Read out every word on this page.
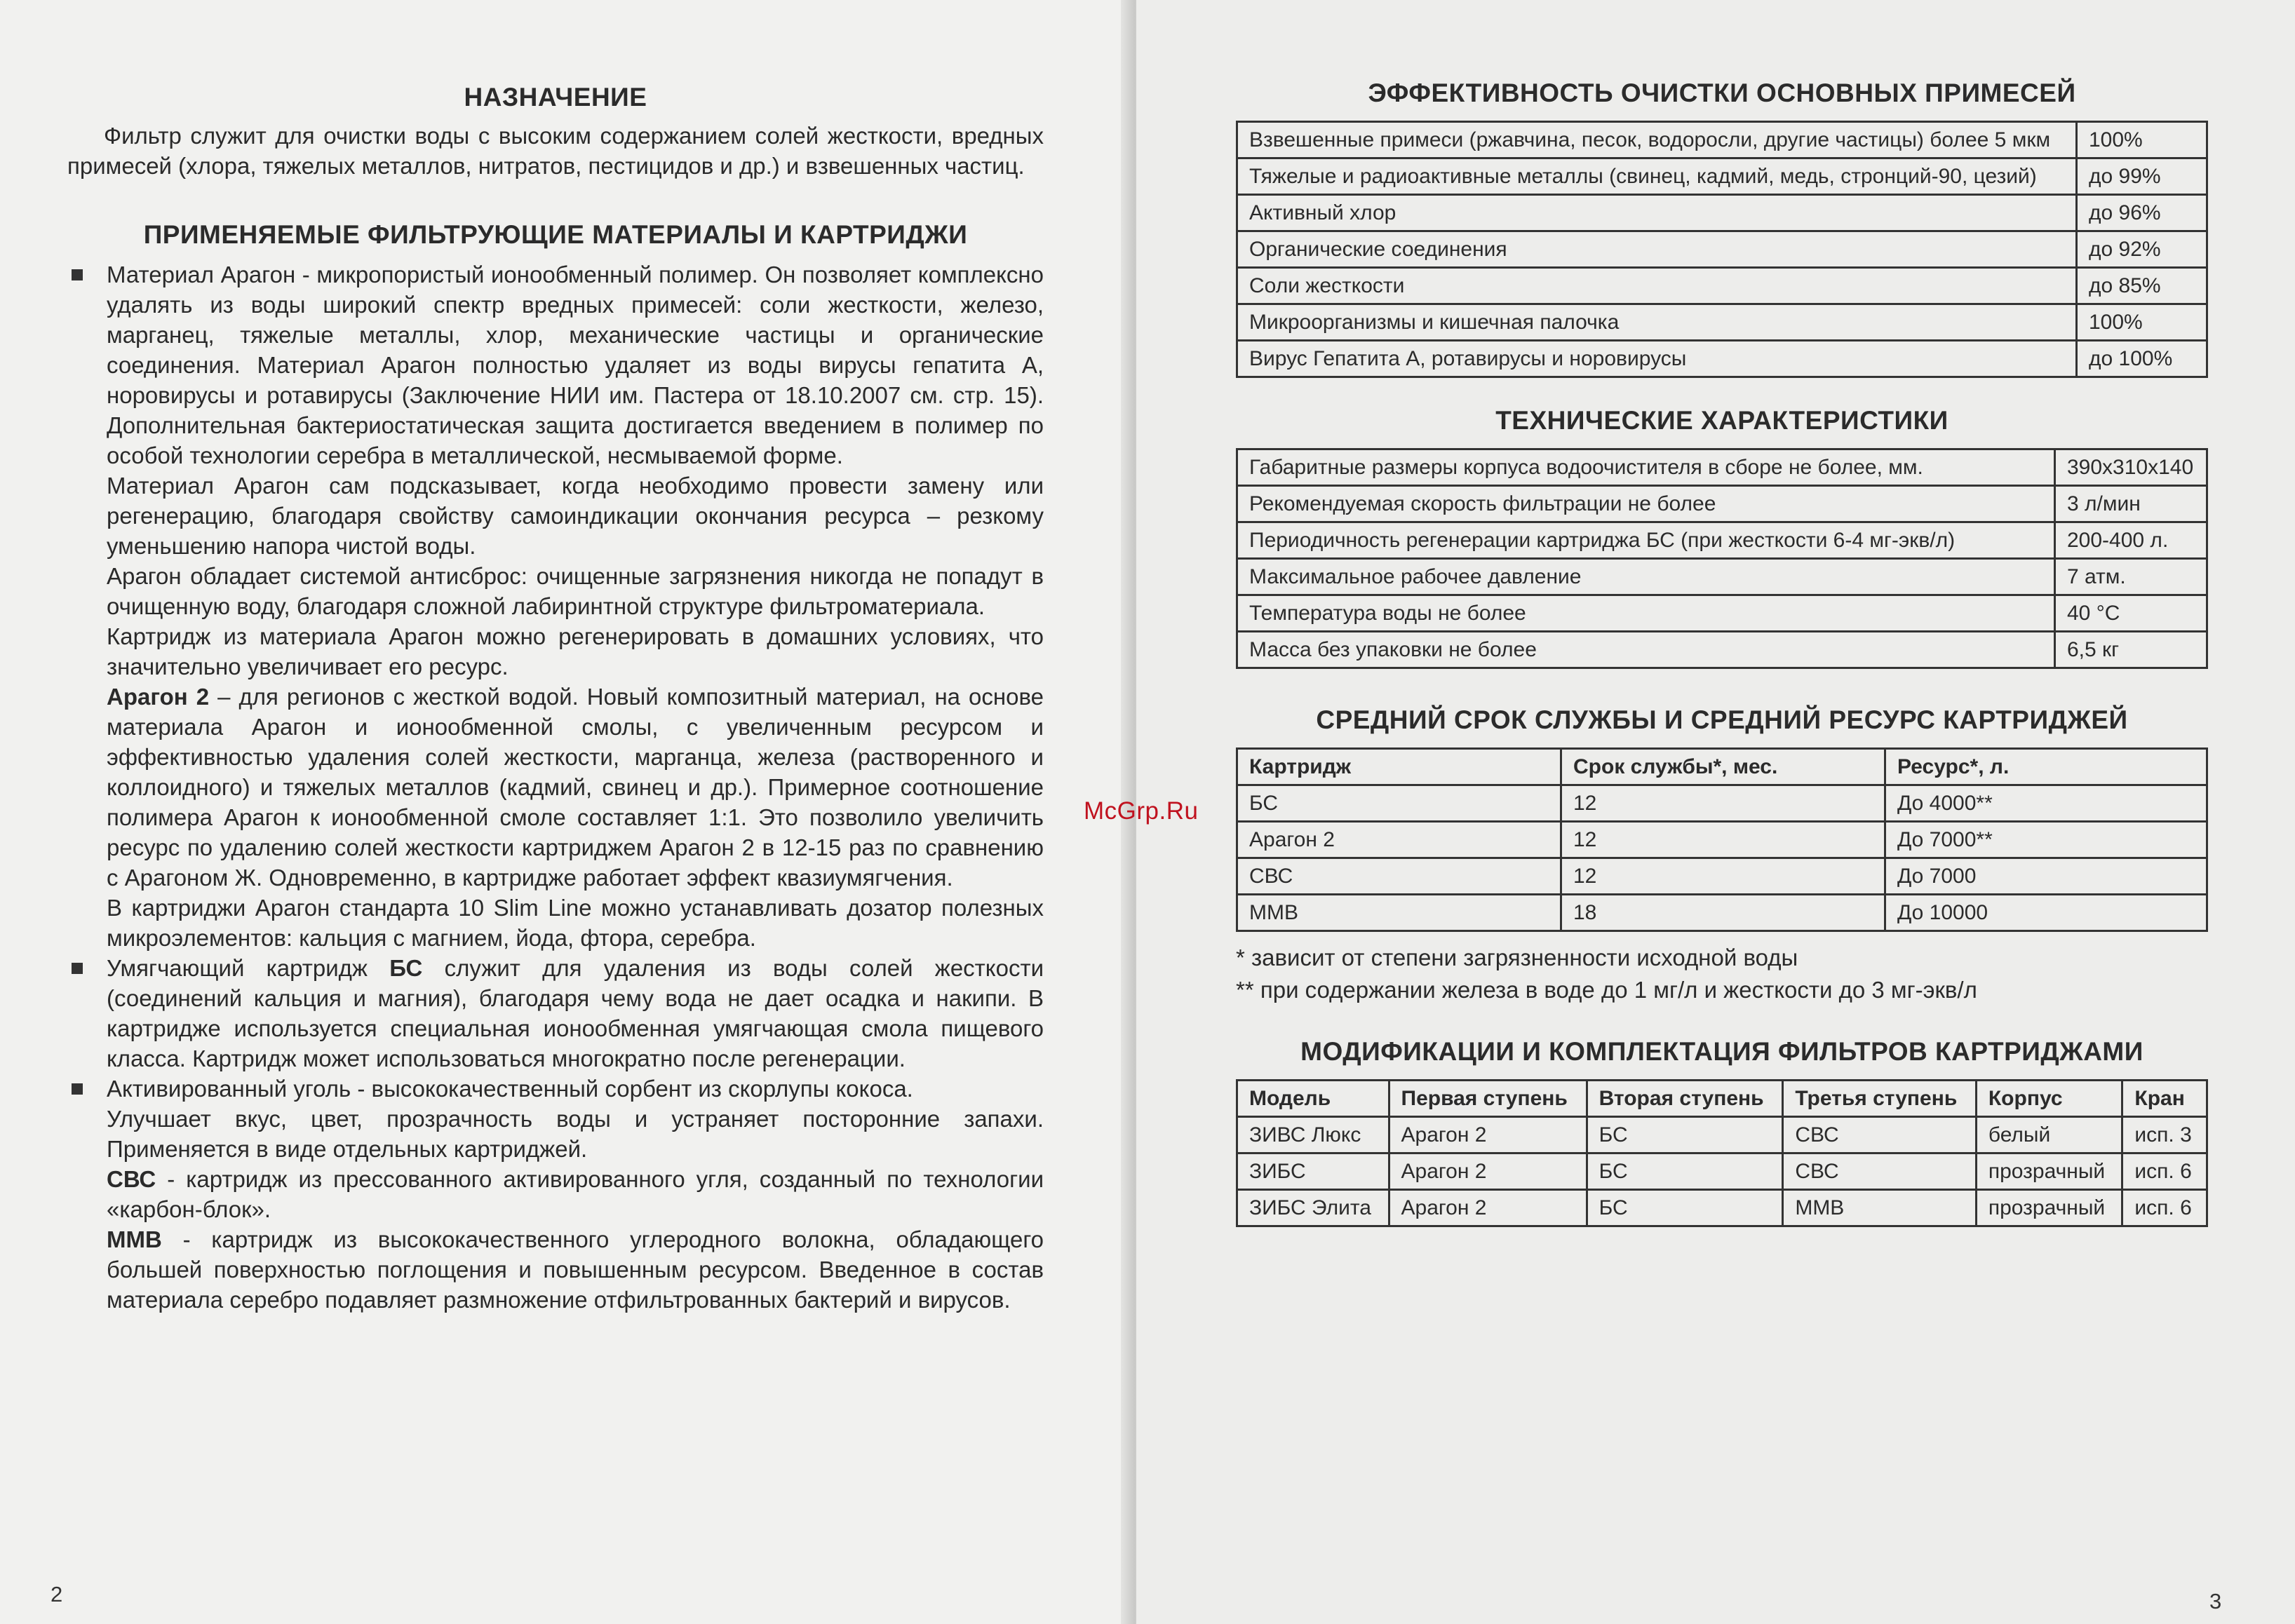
НАЗНАЧЕНИЕ

Фильтр служит для очистки воды с высоким содержанием солей жесткости, вредных примесей (хлора, тяжелых металлов, нитратов, пестицидов и др.) и взвешенных частиц.

ПРИМЕНЯЕМЫЕ ФИЛЬТРУЮЩИЕ МАТЕРИАЛЫ И КАРТРИДЖИ
Материал Арагон - микропористый ионообменный полимер. Он позволяет комплексно удалять из воды широкий спектр вредных примесей: соли жесткости, железо, марганец, тяжелые металлы, хлор, механические частицы и органические соединения. Материал Арагон полностью удаляет из воды вирусы гепатита А, норовирусы и ротавирусы (Заключение НИИ им. Пастера от 18.10.2007 см. стр. 15). Дополнительная бактериостатическая защита достигается введением в полимер по особой технологии серебра в металлической, несмываемой форме.

Материал Арагон сам подсказывает, когда необходимо провести замену или регенерацию, благодаря свойству самоиндикации окончания ресурса – резкому уменьшению напора чистой воды.

Арагон обладает системой антисброс: очищенные загрязнения никогда не попадут в очищенную воду, благодаря сложной лабиринтной структуре фильтроматериала.

Картридж из материала Арагон можно регенерировать в домашних условиях, что значительно увеличивает его ресурс.

Арагон 2 – для регионов с жесткой водой. Новый композитный материал, на основе материала Арагон и ионообменной смолы, с увеличенным ресурсом и эффективностью удаления солей жесткости, марганца, железа (растворенного и коллоидного) и тяжелых металлов (кадмий, свинец и др.). Примерное соотношение полимера Арагон к ионообменной смоле составляет 1:1. Это позволило увеличить ресурс по удалению солей жесткости картриджем Арагон 2 в 12-15 раз по сравнению с Арагоном Ж. Одновременно, в картридже работает эффект квазиумягчения.

В картриджи Арагон стандарта 10 Slim Line можно устанавливать дозатор полезных микроэлементов: кальция с магнием, йода, фтора, серебра.

Умягчающий картридж БС служит для удаления из воды солей жесткости (соединений кальция и магния), благодаря чему вода не дает осадка и накипи. В картридже используется специальная ионообменная умягчающая смола пищевого класса. Картридж может использоваться многократно после регенерации.
Активированный уголь - высококачественный сорбент из скорлупы кокоса.

Улучшает вкус, цвет, прозрачность воды и устраняет посторонние запахи. Применяется в виде отдельных картриджей.

СВС - картридж из прессованного активированного угля, созданный по технологии «карбон-блок».

ММВ - картридж из высококачественного углеродного волокна, обладающего большей поверхностью поглощения и повышенным ресурсом. Введенное в состав материала серебро подавляет размножение отфильтрованных бактерий и вирусов.

2
ЭФФЕКТИВНОСТЬ ОЧИСТКИ ОСНОВНЫХ ПРИМЕСЕЙ
Взвешенные примеси (ржавчина, песок, водоросли, другие частицы) более 5 мкм	100%
Тяжелые и радиоактивные металлы (свинец, кадмий, медь, стронций-90, цезий)	до 99%
Активный хлор	до 96%
Органические соединения	до 92%
Соли жесткости	до 85%
Микроорганизмы и кишечная палочка	100%
Вирус Гепатита А, ротавирусы и норовирусы	до 100%
ТЕХНИЧЕСКИЕ ХАРАКТЕРИСТИКИ
Габаритные размеры корпуса водоочистителя в сборе не более, мм.	390x310x140
Рекомендуемая скорость фильтрации не более	3 л/мин
Периодичность регенерации картриджа БС (при жесткости 6-4 мг-экв/л)	200-400 л.
Максимальное рабочее давление	7 атм.
Температура воды не более	40 °C
Масса без упаковки не более	6,5 кг
СРЕДНИЙ СРОК СЛУЖБЫ И СРЕДНИЙ РЕСУРС КАРТРИДЖЕЙ
Картридж	Срок службы*, мес.	Ресурс*, л.
БС	12	До 4000**
Арагон 2	12	До 7000**
СВС	12	До 7000
ММВ	18	До 10000

* зависит от степени загрязненности исходной воды

** при содержании железа в воде до 1 мг/л и жесткости до 3 мг-экв/л

МОДИФИКАЦИИ И КОМПЛЕКТАЦИЯ ФИЛЬТРОВ КАРТРИДЖАМИ
Модель	Первая ступень	Вторая ступень	Третья ступень	Корпус	Кран
ЗИВС Люкс	Арагон 2	БС	СВС	белый	исп. 3
ЗИБС	Арагон 2	БС	СВС	прозрачный	исп. 6
ЗИБС Элита	Арагон 2	БС	ММВ	прозрачный	исп. 6
3
McGrp.Ru
